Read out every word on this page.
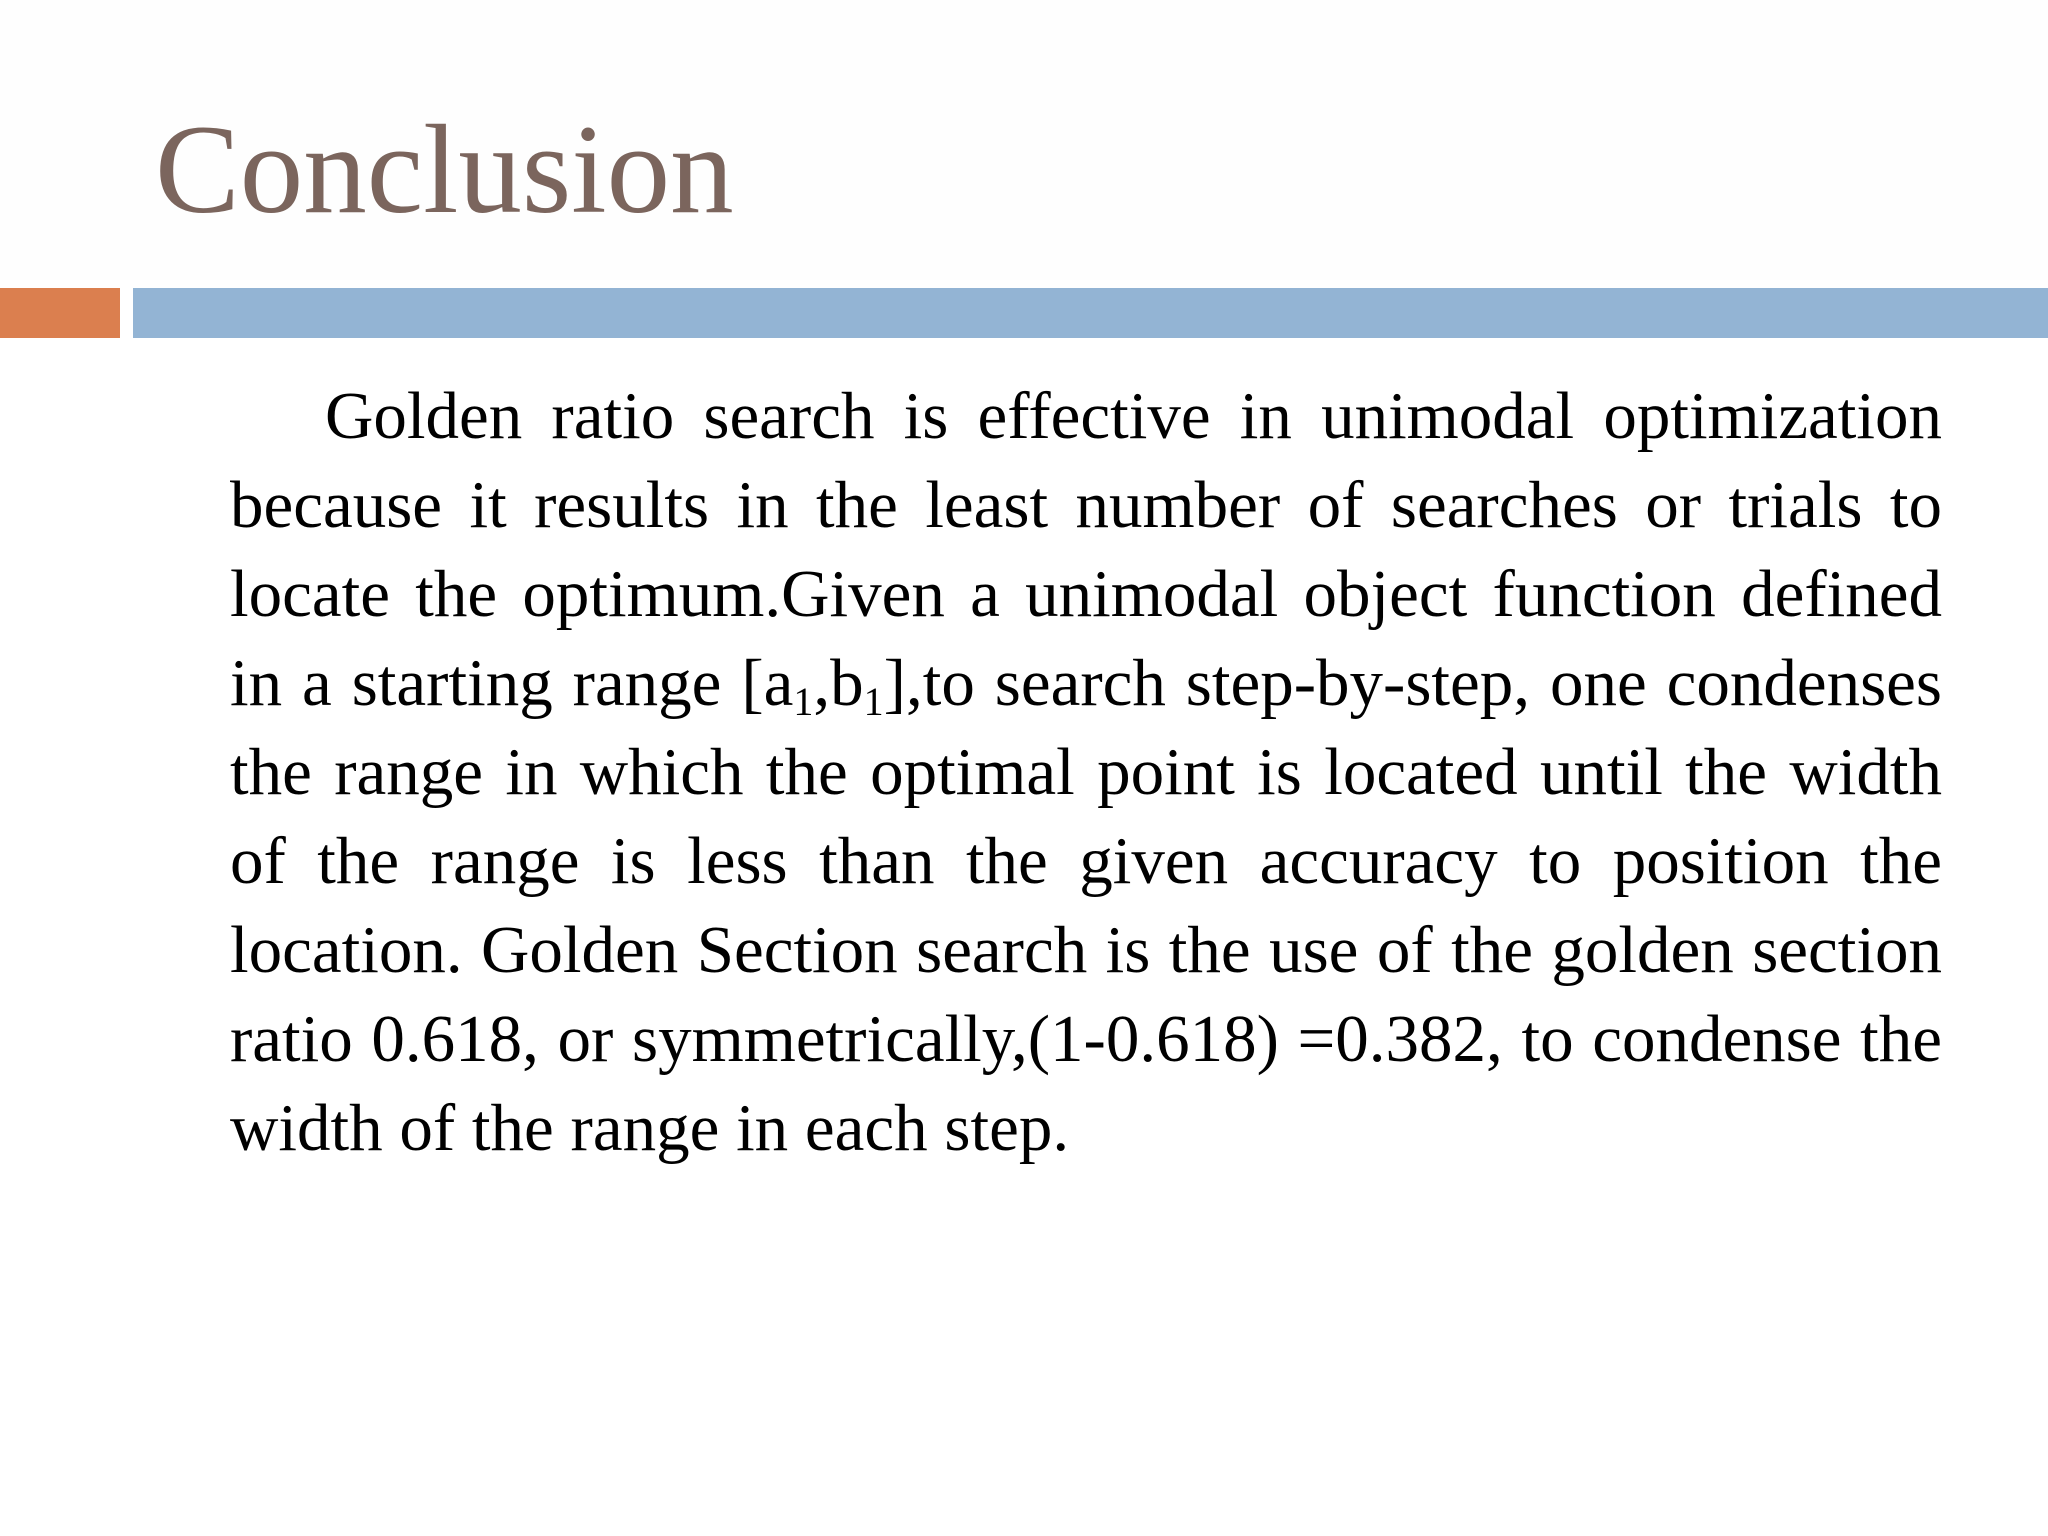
Conclusion

Golden ratio search is effective in unimodal optimization because it results in the least number of searches or trials to locate the optimum.Given a unimodal object function defined in a starting range $[a_1,b_1],to$ search step-by-step, one condenses the range in which the optimal point is located until the width of the range is less than the given accuracy to position the location. Golden Section search is the use of the golden section ratio 0.618, or symmetrically,(1-0.618) =0.382, to condense the width of the range in each step.
